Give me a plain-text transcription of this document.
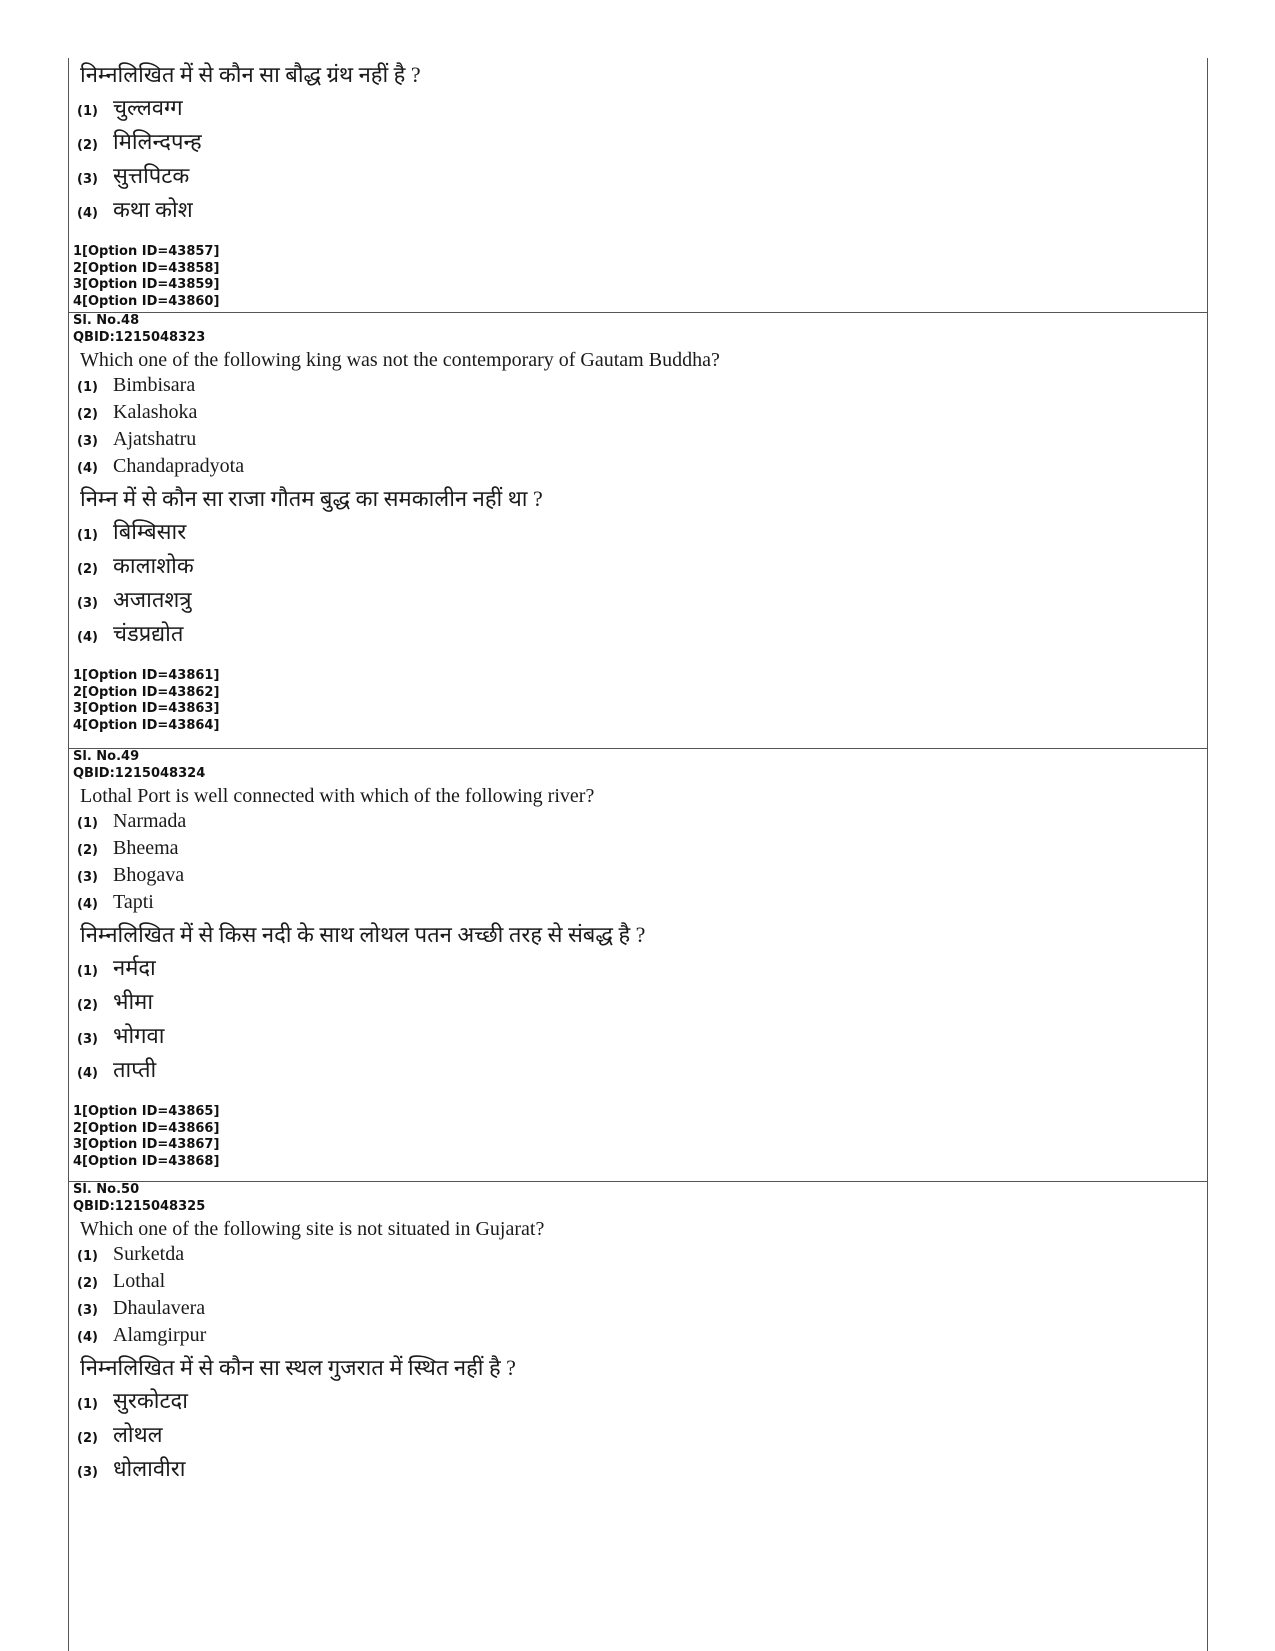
निम्नलिखित में से कौन सा बौद्ध ग्रंथ नहीं है ?

(1) चुल्लवग्ग
(2) मिलिन्दपन्ह
(3) सुत्तपिटक
(4) कथा कोश

1[Option ID=43857]

2[Option ID=43858]

3[Option ID=43859]

4[Option ID=43860]

Sl. No.48

QBID:1215048323

Which one of the following king was not the contemporary of Gautam Buddha?

(1) Bimbisara
(2) Kalashoka
(3) Ajatshatru
(4) Chandapradyota

निम्न में से कौन सा राजा गौतम बुद्ध का समकालीन नहीं था ?

(1) बिम्बिसार
(2) कालाशोक
(3) अजातशत्रु
(4) चंडप्रद्योत

1[Option ID=43861]

2[Option ID=43862]

3[Option ID=43863]

4[Option ID=43864]

Sl. No.49

QBID:1215048324

Lothal Port is well connected with which of the following river?

(1) Narmada
(2) Bheema
(3) Bhogava
(4) Tapti

निम्नलिखित में से किस नदी के साथ लोथल पतन अच्छी तरह से संबद्ध है ?

(1) नर्मदा
(2) भीमा
(3) भोगवा
(4) ताप्ती

1[Option ID=43865]

2[Option ID=43866]

3[Option ID=43867]

4[Option ID=43868]

Sl. No.50

QBID:1215048325

Which one of the following site is not situated in Gujarat?

(1) Surketda
(2) Lothal
(3) Dhaulavera
(4) Alamgirpur

निम्नलिखित में से कौन सा स्थल गुजरात में स्थित नहीं है ?

(1) सुरकोटदा
(2) लोथल
(3) धोलावीरा
